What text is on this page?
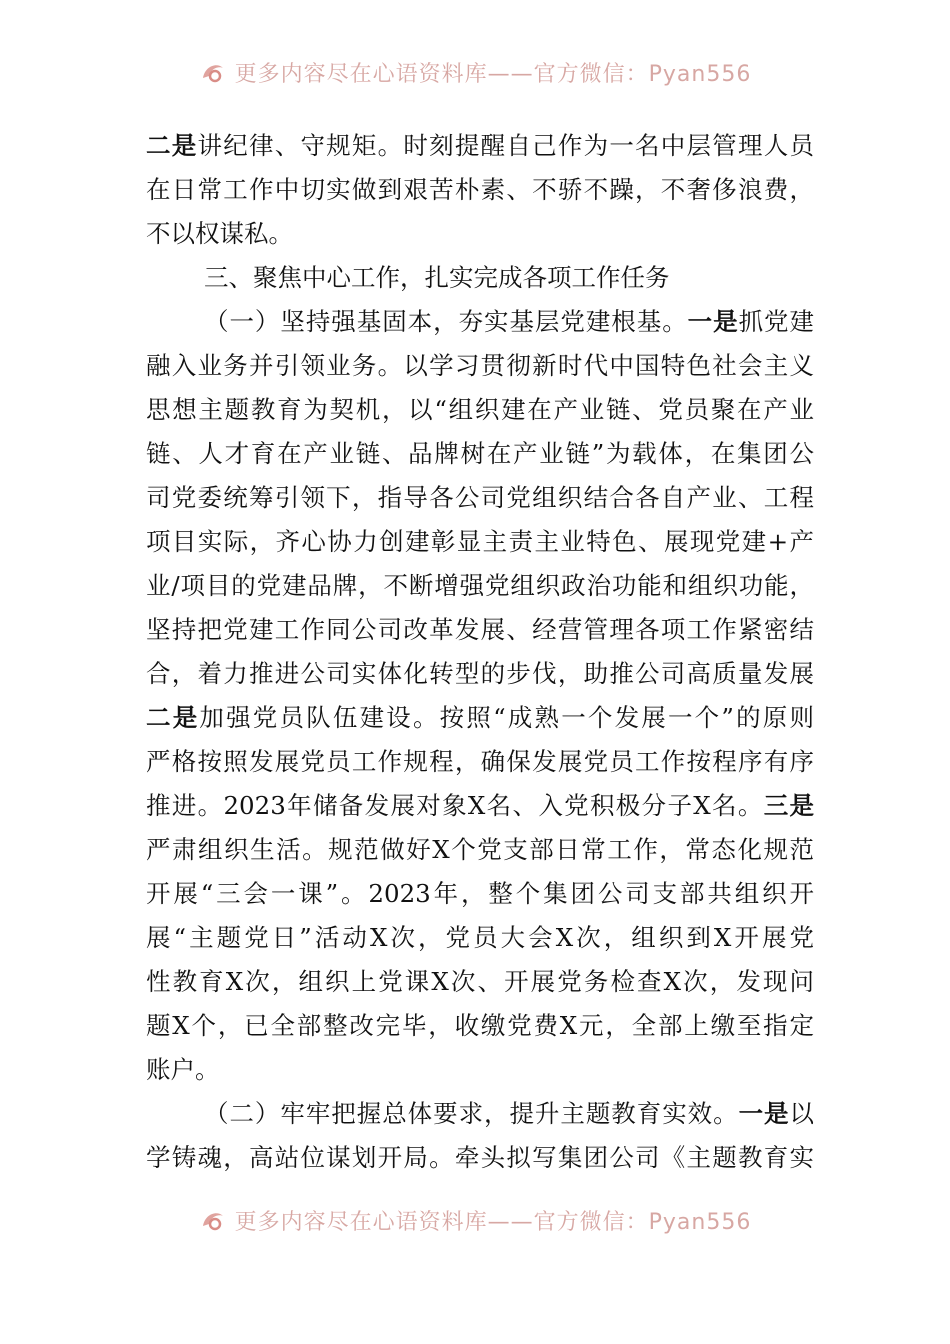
更多内容尽在心语资料库——官方微信：Pyan556
二是讲纪律、守规矩。时刻提醒自己作为一名中层管理人员
在日常工作中切实做到艰苦朴素、不骄不躁，不奢侈浪费，
不以权谋私。
三、聚焦中心工作，扎实完成各项工作任务
（一）坚持强基固本，夯实基层党建根基。一是抓党建
融入业务并引领业务。以学习贯彻新时代中国特色社会主义
思想主题教育为契机，以“组织建在产业链、党员聚在产业
链、人才育在产业链、品牌树在产业链”为载体，在集团公
司党委统筹引领下，指导各公司党组织结合各自产业、工程
项目实际，齐心协力创建彰显主责主业特色、展现党建+产
业/项目的党建品牌，不断增强党组织政治功能和组织功能，
坚持把党建工作同公司改革发展、经营管理各项工作紧密结
合，着力推进公司实体化转型的步伐，助推公司高质量发展
二是加强党员队伍建设。按照“成熟一个发展一个”的原则
严格按照发展党员工作规程，确保发展党员工作按程序有序
推进。2023年储备发展对象X名、入党积极分子X名。三是
严肃组织生活。规范做好X个党支部日常工作，常态化规范
开展“三会一课”。2023年，整个集团公司支部共组织开
展“主题党日”活动X次，党员大会X次，组织到X开展党
性教育X次，组织上党课X次、开展党务检查X次，发现问
题X个，已全部整改完毕，收缴党费X元，全部上缴至指定
账户。
（二）牢牢把握总体要求，提升主题教育实效。一是以
学铸魂，高站位谋划开局。牵头拟写集团公司《主题教育实
更多内容尽在心语资料库——官方微信：Pyan556
